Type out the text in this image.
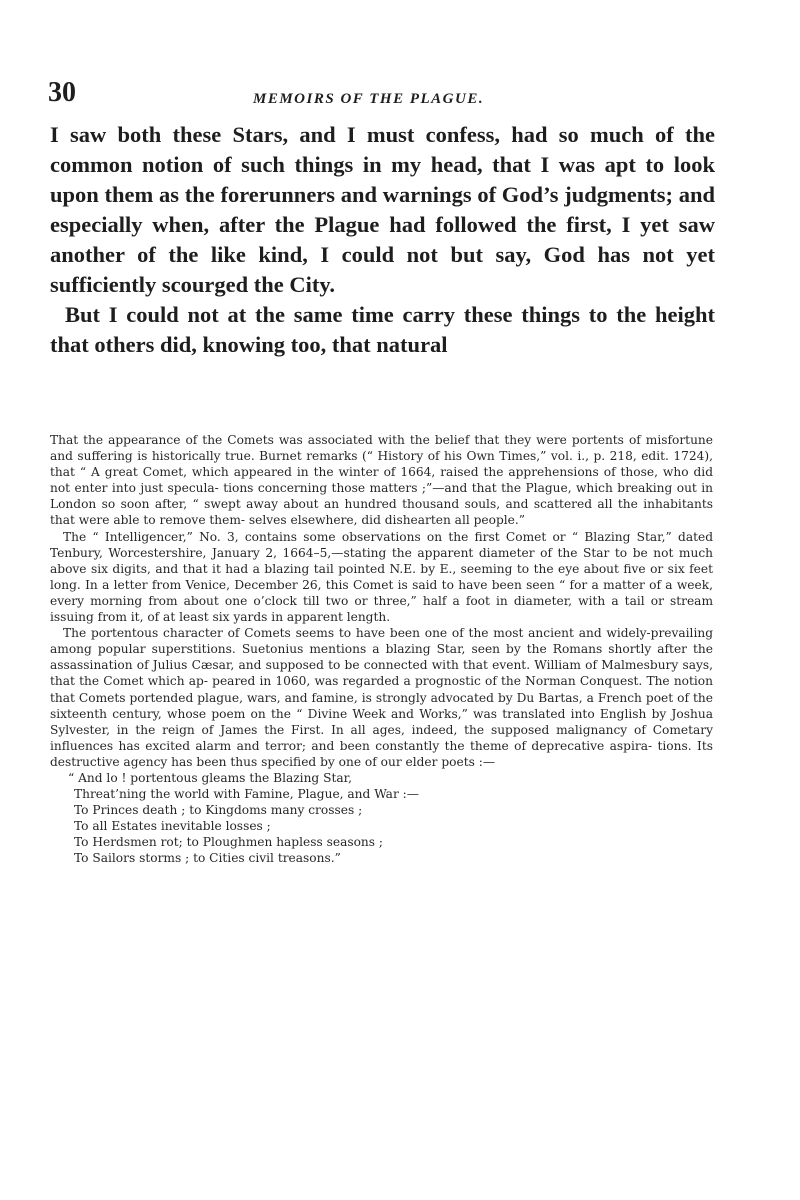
30	MEMOIRS OF THE PLAGUE.

I saw both these Stars, and I must confess, had so much of the common notion of such things in my head, that I was apt to look upon them as the forerunners and warnings of God’s judgments; and especially when, after the Plague had followed the first, I yet saw another of the like kind, I could not but say, God has not yet sufficiently scourged the City.

But I could not at the same time carry these things to the height that others did, knowing too, that natural

That the appearance of the Comets was associated with the belief that they were portents of misfortune and suffering is historically true. Burnet remarks (“ History of his Own Times,” vol. i., p. 218, edit. 1724), that “ A great Comet, which appeared in the winter of 1664, raised the apprehensions of those, who did not enter into just specula- tions concerning those matters ;”—and that the Plague, which breaking out in London so soon after, “ swept away about an hundred thousand souls, and scattered all the inhabitants that were able to remove them- selves elsewhere, did dishearten all people.”

The “ Intelligencer,” No. 3, contains some observations on the first Comet or “ Blazing Star,” dated Tenbury, Worcestershire, January 2, 1664–5,—stating the apparent diameter of the Star to be not much above six digits, and that it had a blazing tail pointed N.E. by E., seeming to the eye about five or six feet long. In a letter from Venice, December 26, this Comet is said to have been seen “ for a matter of a week, every morning from about one o’clock till two or three,” half a foot in diameter, with a tail or stream issuing from it, of at least six yards in apparent length.

The portentous character of Comets seems to have been one of the most ancient and widely-prevailing among popular superstitions. Suetonius mentions a blazing Star, seen by the Romans shortly after the assassination of Julius Cæsar, and supposed to be connected with that event. William of Malmesbury says, that the Comet which ap- peared in 1060, was regarded a prognostic of the Norman Conquest. The notion that Comets portended plague, wars, and famine, is strongly advocated by Du Bartas, a French poet of the sixteenth century, whose poem on the “ Divine Week and Works,” was translated into English by Joshua Sylvester, in the reign of James the First. In all ages, indeed, the supposed malignancy of Cometary influences has excited alarm and terror; and been constantly the theme of deprecative aspira- tions. Its destructive agency has been thus specified by one of our elder poets :—

“ And lo ! portentous gleams the Blazing Star,
Threat’ning the world with Famine, Plague, and War :—
To Princes death ; to Kingdoms many crosses ;
To all Estates inevitable losses ;
To Herdsmen rot; to Ploughmen hapless seasons ;
To Sailors storms ; to Cities civil treasons.”
